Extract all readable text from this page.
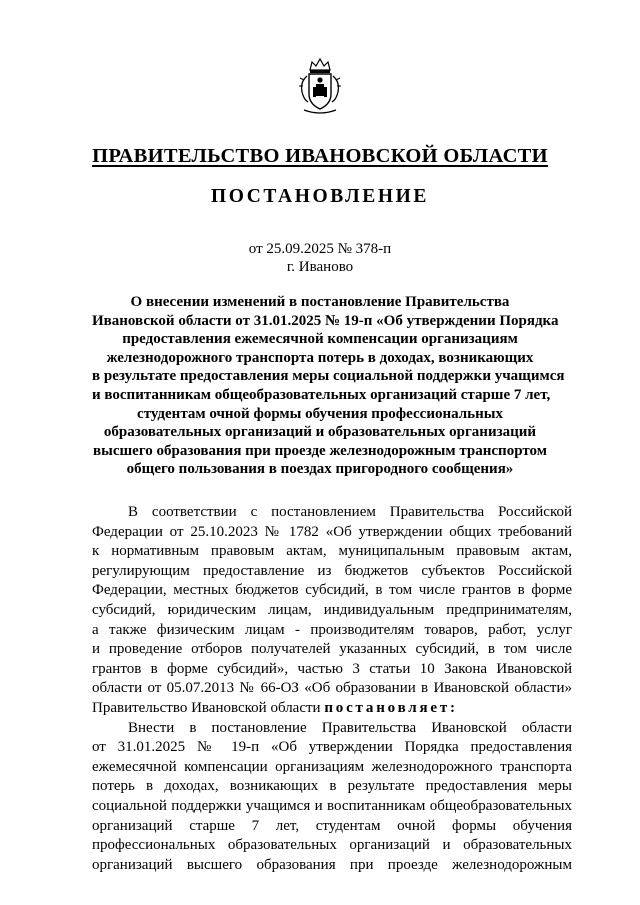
ПРАВИТЕЛЬСТВО ИВАНОВСКОЙ ОБЛАСТИ
ПОСТАНОВЛЕНИЕ
от 25.09.2025 № 378-п
г. Иваново
О внесении изменений в постановление Правительства
Ивановской области от 31.01.2025 № 19-п «Об утверждении Порядка
предоставления ежемесячной компенсации организациям
железнодорожного транспорта потерь в доходах, возникающих
в результате предоставления меры социальной поддержки учащимся
и воспитанникам общеобразовательных организаций старше 7 лет,
студентам очной формы обучения профессиональных
образовательных организаций и образовательных организаций
высшего образования при проезде железнодорожным транспортом
общего пользования в поездах пригородного сообщения»
В соответствии с постановлением Правительства Российской
Федерации от 25.10.2023 № 1782 «Об утверждении общих требований
к нормативным правовым актам, муниципальным правовым актам,
регулирующим предоставление из бюджетов субъектов Российской
Федерации, местных бюджетов субсидий, в том числе грантов в форме
субсидий, юридическим лицам, индивидуальным предпринимателям,
а также физическим лицам - производителям товаров, работ, услуг
и проведение отборов получателей указанных субсидий, в том числе
грантов в форме субсидий», частью 3 статьи 10 Закона Ивановской
области от 05.07.2013 № 66-ОЗ «Об образовании в Ивановской области»
Правительство Ивановской области постановляет:
Внести в постановление Правительства Ивановской области
от 31.01.2025 № 19-п «Об утверждении Порядка предоставления
ежемесячной компенсации организациям железнодорожного транспорта
потерь в доходах, возникающих в результате предоставления меры
социальной поддержки учащимся и воспитанникам общеобразовательных
организаций старше 7 лет, студентам очной формы обучения
профессиональных образовательных организаций и образовательных
организаций высшего образования при проезде железнодорожным
